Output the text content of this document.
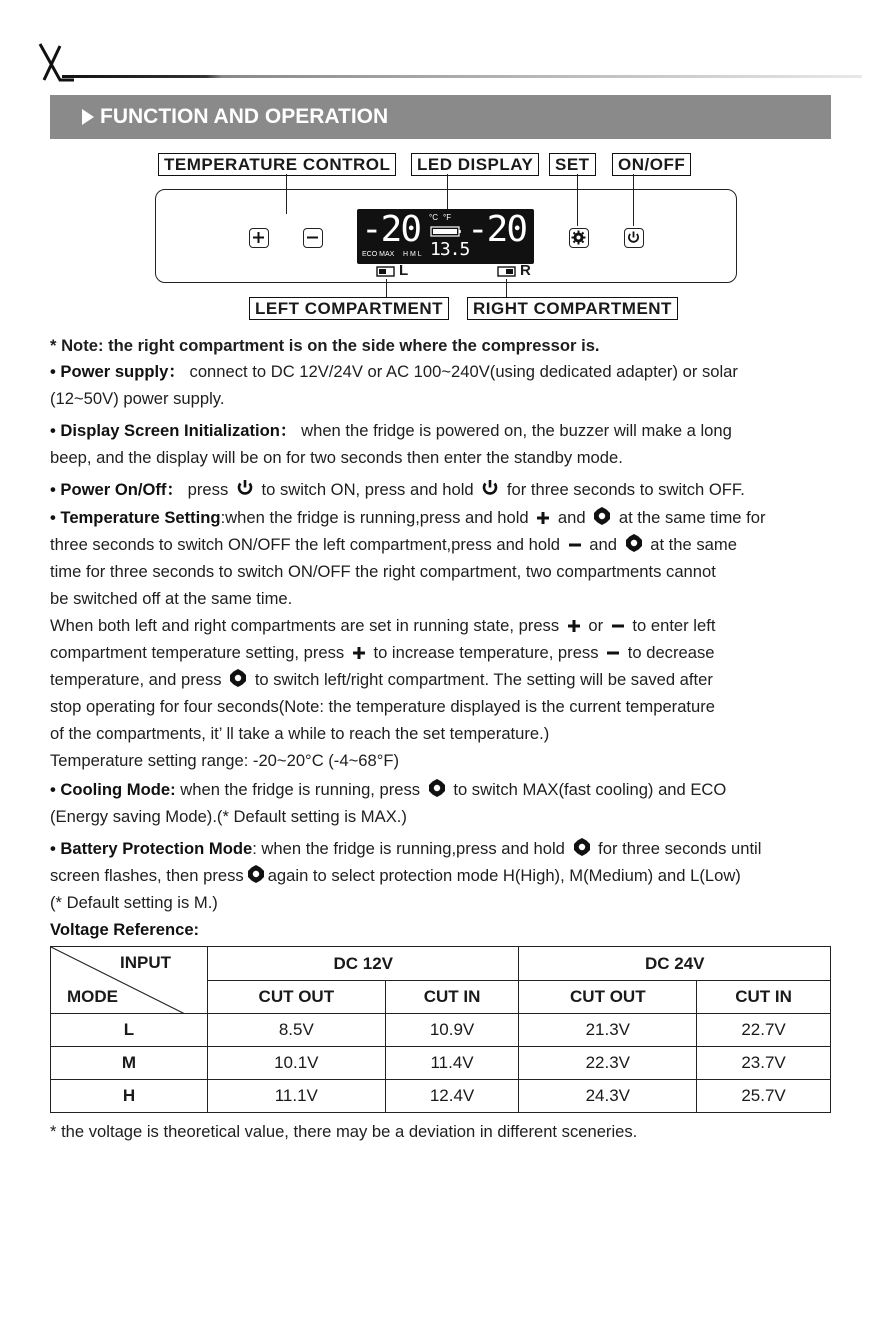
FUNCTION AND OPERATION
TEMPERATURE CONTROL	LED DISPLAY	SET	ON/OFF
-20 -20
°C °F
13.5
ECO MAX H M L
L	R
LEFT COMPARTMENT	RIGHT COMPARTMENT
* Note: the right compartment is on the side where the compressor is.
• Power supply： connect to DC 12V/24V or AC 100~240V(using dedicated adapter) or solar
(12~50V) power supply.
• Display Screen Initialization： when the fridge is powered on, the buzzer will make a long
beep, and the display will be on for two seconds then enter the standby mode.
• Power On/Off： press to switch ON, press and hold for three seconds to switch OFF.
• Temperature Setting:when the fridge is running,press and hold and at the same time for
three seconds to switch ON/OFF the left compartment,press and hold and at the same
time for three seconds to switch ON/OFF the right compartment, two compartments cannot
be switched off at the same time.
When both left and right compartments are set in running state, press or to enter left
compartment temperature setting, press to increase temperature, press to decrease
temperature, and press to switch left/right compartment. The setting will be saved after
stop operating for four seconds(Note: the temperature displayed is the current temperature
of the compartments, it’ ll take a while to reach the set temperature.)
Temperature setting range: -20~20°C (-4~68°F)
• Cooling Mode: when the fridge is running, press to switch MAX(fast cooling) and ECO
(Energy saving Mode).(* Default setting is MAX.)
• Battery Protection Mode: when the fridge is running,press and hold for three seconds until
screen flashes, then press again to select protection mode H(High), M(Medium) and L(Low)
(* Default setting is M.)
Voltage Reference:
INPUT
MODE	DC 12V		DC 24V	
	CUT OUT	CUT IN	CUT OUT	CUT IN
L	8.5V	10.9V	21.3V	22.7V
M	10.1V	11.4V	22.3V	23.7V
H	11.1V	12.4V	24.3V	25.7V
* the voltage is theoretical value, there may be a deviation in different sceneries.
